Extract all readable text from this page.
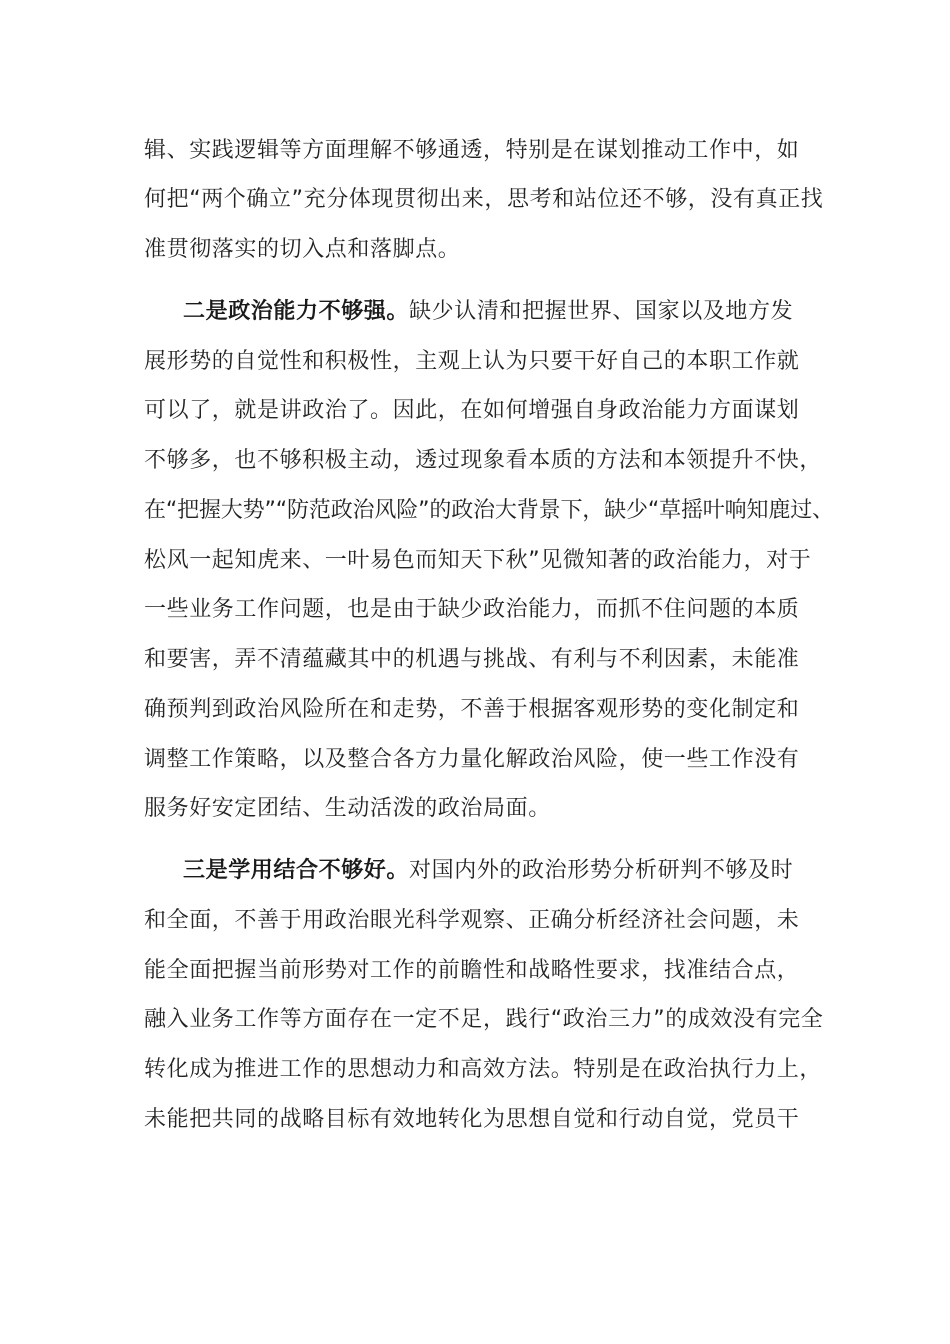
辑、实践逻辑等方面理解不够通透，特别是在谋划推动工作中，如
何把“两个确立”充分体现贯彻出来，思考和站位还不够，没有真正找
准贯彻落实的切入点和落脚点。
二是政治能力不够强。缺少认清和把握世界、国家以及地方发
展形势的自觉性和积极性，主观上认为只要干好自己的本职工作就
可以了，就是讲政治了。因此，在如何增强自身政治能力方面谋划
不够多，也不够积极主动，透过现象看本质的方法和本领提升不快，
在“把握大势”“防范政治风险”的政治大背景下，缺少“草摇叶响知鹿过、
松风一起知虎来、一叶易色而知天下秋”见微知著的政治能力，对于
一些业务工作问题，也是由于缺少政治能力，而抓不住问题的本质
和要害，弄不清蕴藏其中的机遇与挑战、有利与不利因素，未能准
确预判到政治风险所在和走势，不善于根据客观形势的变化制定和
调整工作策略，以及整合各方力量化解政治风险，使一些工作没有
服务好安定团结、生动活泼的政治局面。
三是学用结合不够好。对国内外的政治形势分析研判不够及时
和全面，不善于用政治眼光科学观察、正确分析经济社会问题，未
能全面把握当前形势对工作的前瞻性和战略性要求，找准结合点，
融入业务工作等方面存在一定不足，践行“政治三力”的成效没有完全
转化成为推进工作的思想动力和高效方法。特别是在政治执行力上，
未能把共同的战略目标有效地转化为思想自觉和行动自觉，党员干
